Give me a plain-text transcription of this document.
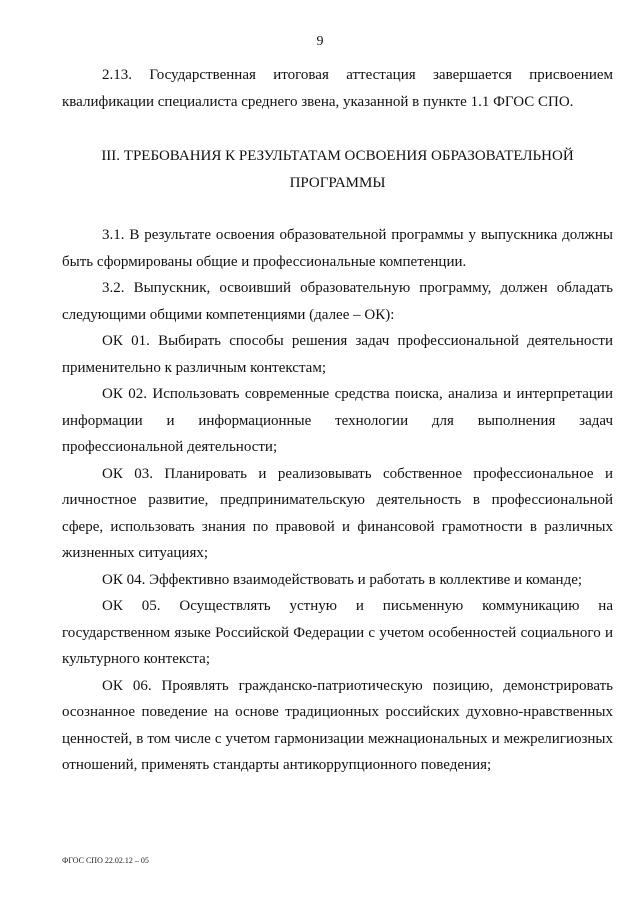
9

2.13. Государственная итоговая аттестация завершается присвоением квалификации специалиста среднего звена, указанной в пункте 1.1 ФГОС СПО.

III. ТРЕБОВАНИЯ К РЕЗУЛЬТАТАМ ОСВОЕНИЯ ОБРАЗОВАТЕЛЬНОЙ
ПРОГРАММЫ

3.1. В результате освоения образовательной программы у выпускника должны быть сформированы общие и профессиональные компетенции.

3.2. Выпускник, освоивший образовательную программу, должен обладать следующими общими компетенциями (далее – ОК):

ОК 01. Выбирать способы решения задач профессиональной деятельности применительно к различным контекстам;

ОК 02. Использовать современные средства поиска, анализа и интерпретации информации и информационные технологии для выполнения задач профессиональной деятельности;

ОК 03. Планировать и реализовывать собственное профессиональное и личностное развитие, предпринимательскую деятельность в профессиональной сфере, использовать знания по правовой и финансовой грамотности в различных жизненных ситуациях;

ОК 04. Эффективно взаимодействовать и работать в коллективе и команде;

ОК 05. Осуществлять устную и письменную коммуникацию на государственном языке Российской Федерации с учетом особенностей социального и культурного контекста;

ОК 06. Проявлять гражданско-патриотическую позицию, демонстрировать осознанное поведение на основе традиционных российских духовно-нравственных ценностей, в том числе с учетом гармонизации межнациональных и межрелигиозных отношений, применять стандарты антикоррупционного поведения;

ФГОС СПО 22.02.12 – 05
